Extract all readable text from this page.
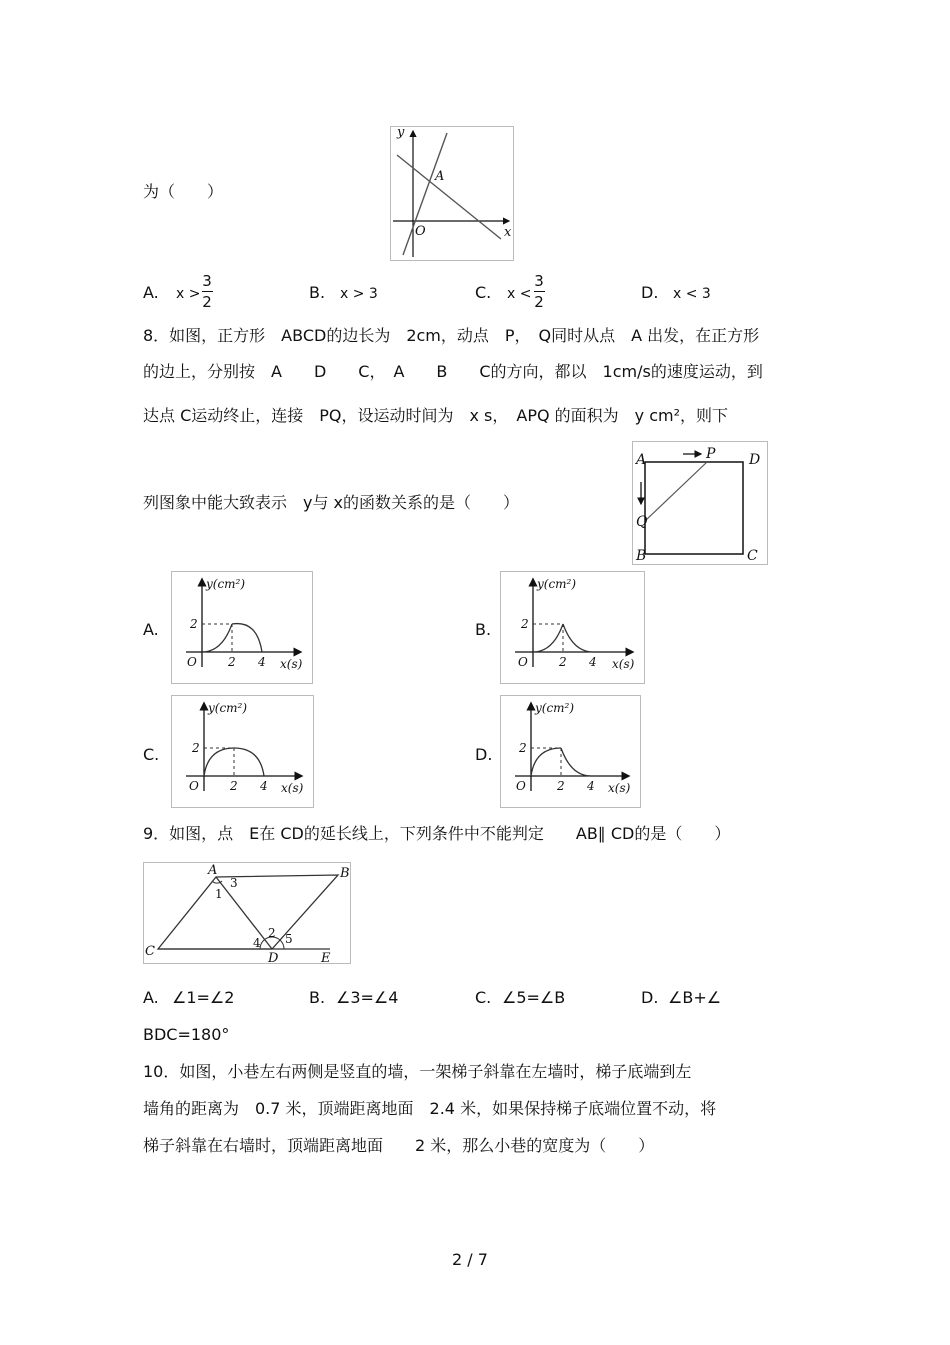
y
x
A
O
为（　　）
A. x >
3
2	B. x > 3	C. x <
3
2	D. x < 3
8．如图，正方形　ABCD的边长为　2cm，动点　P，　Q同时从点　A 出发，在正方形
的边上，分别按　A　　D　　C，　A　　B　　C的方向，都以　1cm/s的速度运动，到
达点 C运动终止，连接　PQ，设运动时间为　x s，　APQ 的面积为　y cm²，则下
列图象中能大致表示　y与 x的函数关系的是（　　）
A	P D
Q
B	C
A.
y(cm²)
2
O	2 4 x(s)
B.
y(cm²)
2
O	2 4 x(s)
C.
y(cm²)
2
O	2 4 x(s)
D.
y(cm²)
2
O	2 4 x(s)
9．如图，点　E在 CD的延长线上，下列条件中不能判定　　AB∥ CD的是（　　）
A	B
C	D	E
1
3
2
4 5
A. ∠1=∠2	B. ∠3=∠4	C. ∠5=∠B	D. ∠B+∠
BDC=180°
10．如图，小巷左右两侧是竖直的墙，一架梯子斜靠在左墙时，梯子底端到左
墙角的距离为　0.7 米，顶端距离地面　2.4 米，如果保持梯子底端位置不动，将
梯子斜靠在右墙时，顶端距离地面　　2 米，那么小巷的宽度为（　　）
2 / 7
